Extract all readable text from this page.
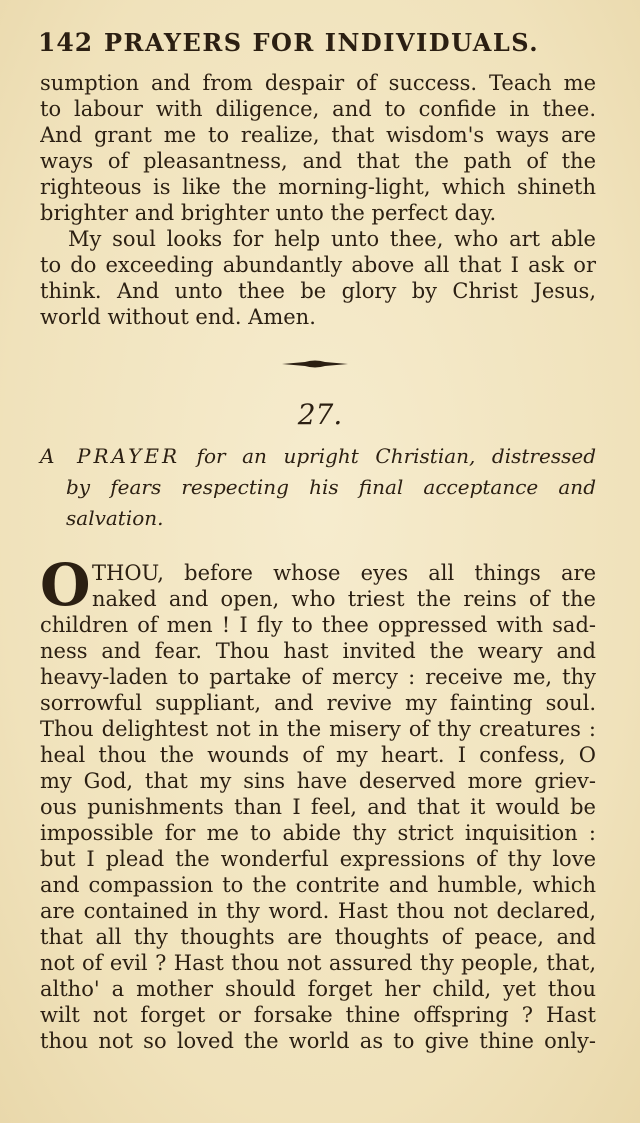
142 PRAYERS FOR INDIVIDUALS.
sumption and from despair of success. Teach me
to labour with diligence, and to confide in thee.
And grant me to realize, that wisdom's ways are
ways of pleasantness, and that the path of the
righteous is like the morning-light, which shineth
brighter and brighter unto the perfect day.
My soul looks for help unto thee, who art able
to do exceeding abundantly above all that I ask or
think. And unto thee be glory by Christ Jesus,
world without end. Amen.
27.
A PRAYER for an upright Christian, distressed
by fears respecting his final acceptance and
salvation.
O THOU, before whose eyes all things are
naked and open, who triest the reins of the
children of men ! I fly to thee oppressed with sad-
ness and fear. Thou hast invited the weary and
heavy-laden to partake of mercy : receive me, thy
sorrowful suppliant, and revive my fainting soul.
Thou delightest not in the misery of thy creatures :
heal thou the wounds of my heart. I confess, O
my God, that my sins have deserved more griev-
ous punishments than I feel, and that it would be
impossible for me to abide thy strict inquisition :
but I plead the wonderful expressions of thy love
and compassion to the contrite and humble, which
are contained in thy word. Hast thou not declared,
that all thy thoughts are thoughts of peace, and
not of evil ? Hast thou not assured thy people, that,
altho' a mother should forget her child, yet thou
wilt not forget or forsake thine offspring ? Hast
thou not so loved the world as to give thine only-
